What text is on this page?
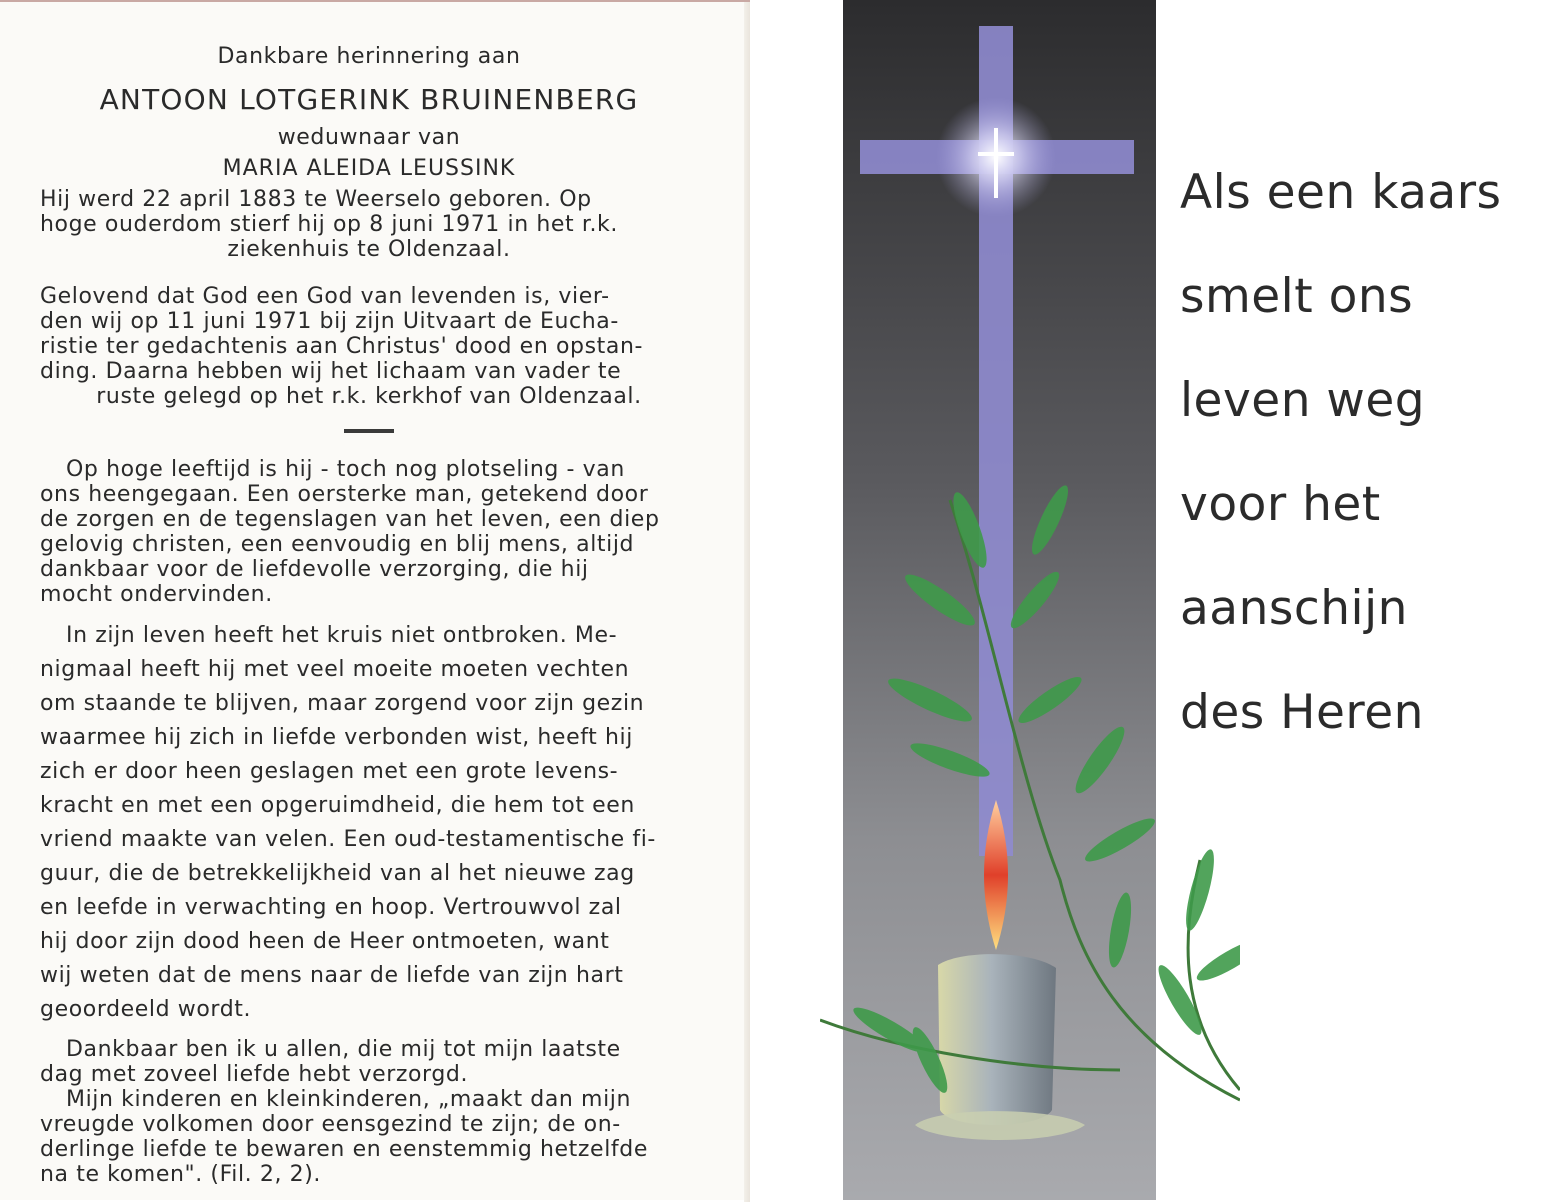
Dankbare herinnering aan
ANTOON LOTGERINK BRUINENBERG
weduwnaar van
MARIA ALEIDA LEUSSINK
Hij werd 22 april 1883 te Weerselo geboren. Op
hoge ouderdom stierf hij op 8 juni 1971 in het r.k.
ziekenhuis te Oldenzaal.
Gelovend dat God een God van levenden is, vier-
den wij op 11 juni 1971 bij zijn Uitvaart de Eucha-
ristie ter gedachtenis aan Christus' dood en opstan-
ding. Daarna hebben wij het lichaam van vader te
ruste gelegd op het r.k. kerkhof van Oldenzaal.
Op hoge leeftijd is hij - toch nog plotseling - van
ons heengegaan. Een oersterke man, getekend door
de zorgen en de tegenslagen van het leven, een diep
gelovig christen, een eenvoudig en blij mens, altijd
dankbaar voor de liefdevolle verzorging, die hij
mocht ondervinden.
In zijn leven heeft het kruis niet ontbroken. Me-
nigmaal heeft hij met veel moeite moeten vechten
om staande te blijven, maar zorgend voor zijn gezin
waarmee hij zich in liefde verbonden wist, heeft hij
zich er door heen geslagen met een grote levens-
kracht en met een opgeruimdheid, die hem tot een
vriend maakte van velen. Een oud-testamentische fi-
guur, die de betrekkelijkheid van al het nieuwe zag
en leefde in verwachting en hoop. Vertrouwvol zal
hij door zijn dood heen de Heer ontmoeten, want
wij weten dat de mens naar de liefde van zijn hart
geoordeeld wordt.
Dankbaar ben ik u allen, die mij tot mijn laatste
dag met zoveel liefde hebt verzorgd.
Mijn kinderen en kleinkinderen, „maakt dan mijn
vreugde volkomen door eensgezind te zijn; de on-
derlinge liefde te bewaren en eenstemmig hetzelfde
na te komen". (Fil. 2, 2).
Als een kaars
smelt ons
leven weg
voor het
aanschijn
des Heren
